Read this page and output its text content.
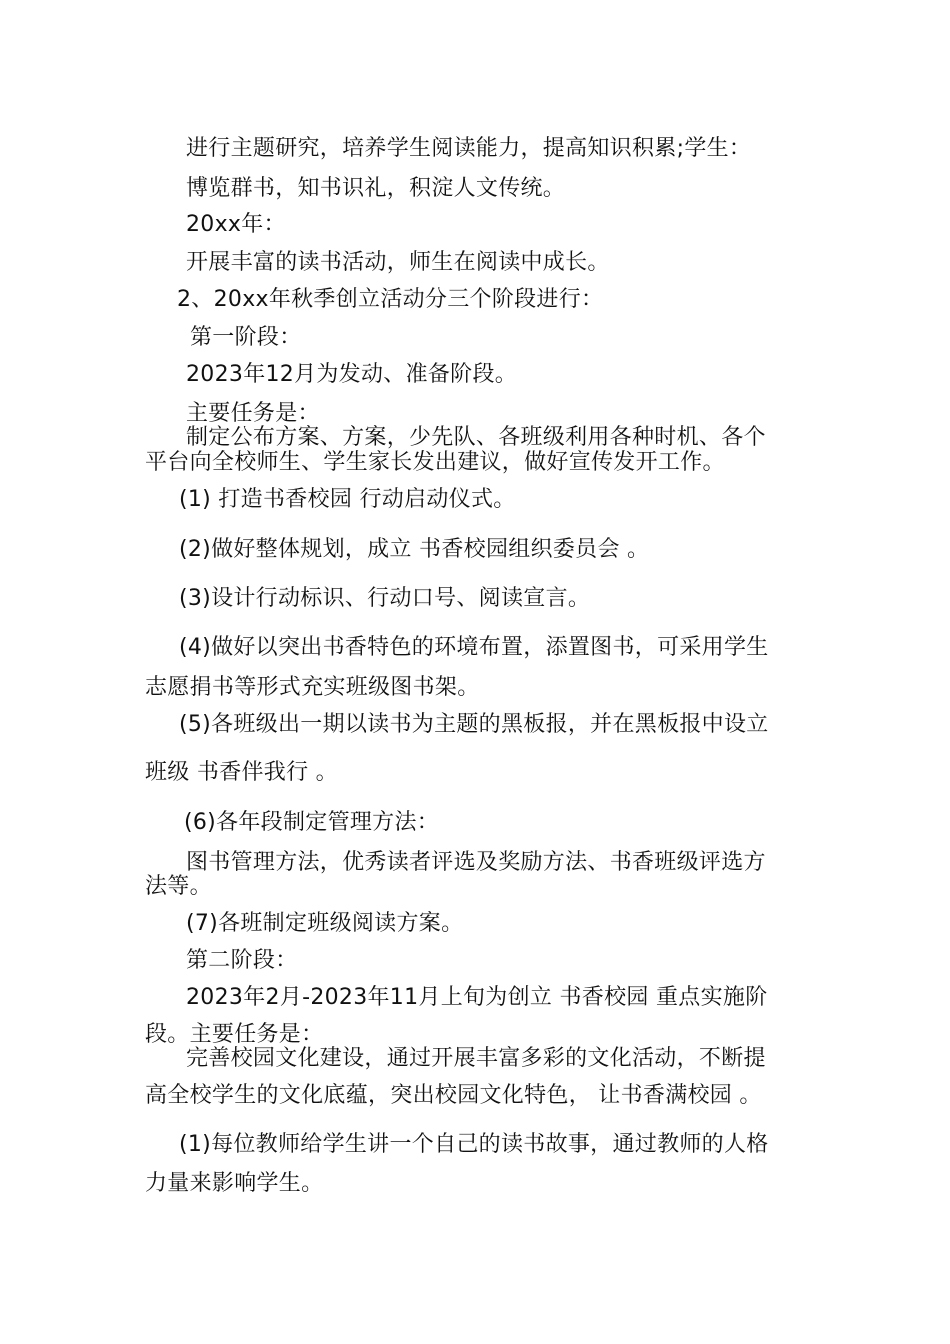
进行主题研究，培养学生阅读能力，提高知识积累;学生：
博览群书，知书识礼，积淀人文传统。
20xx年：
开展丰富的读书活动，师生在阅读中成长。
2、20xx年秋季创立活动分三个阶段进行：
第一阶段：
2023年12月为发动、准备阶段。
主要任务是：
制定公布方案、方案，少先队、各班级利用各种时机、各个
平台向全校师生、学生家长发出建议，做好宣传发开工作。
(1) 打造书香校园 行动启动仪式。
(2)做好整体规划，成立 书香校园组织委员会 。
(3)设计行动标识、行动口号、阅读宣言。
(4)做好以突出书香特色的环境布置，添置图书，可采用学生
志愿捐书等形式充实班级图书架。
(5)各班级出一期以读书为主题的黑板报，并在黑板报中设立
班级 书香伴我行 。
(6)各年段制定管理方法：
图书管理方法，优秀读者评选及奖励方法、书香班级评选方
法等。
(7)各班制定班级阅读方案。
第二阶段：
2023年2月-2023年11月上旬为创立 书香校园 重点实施阶
段。主要任务是：
完善校园文化建设，通过开展丰富多彩的文化活动，不断提
高全校学生的文化底蕴，突出校园文化特色， 让书香满校园 。
(1)每位教师给学生讲一个自己的读书故事，通过教师的人格
力量来影响学生。
